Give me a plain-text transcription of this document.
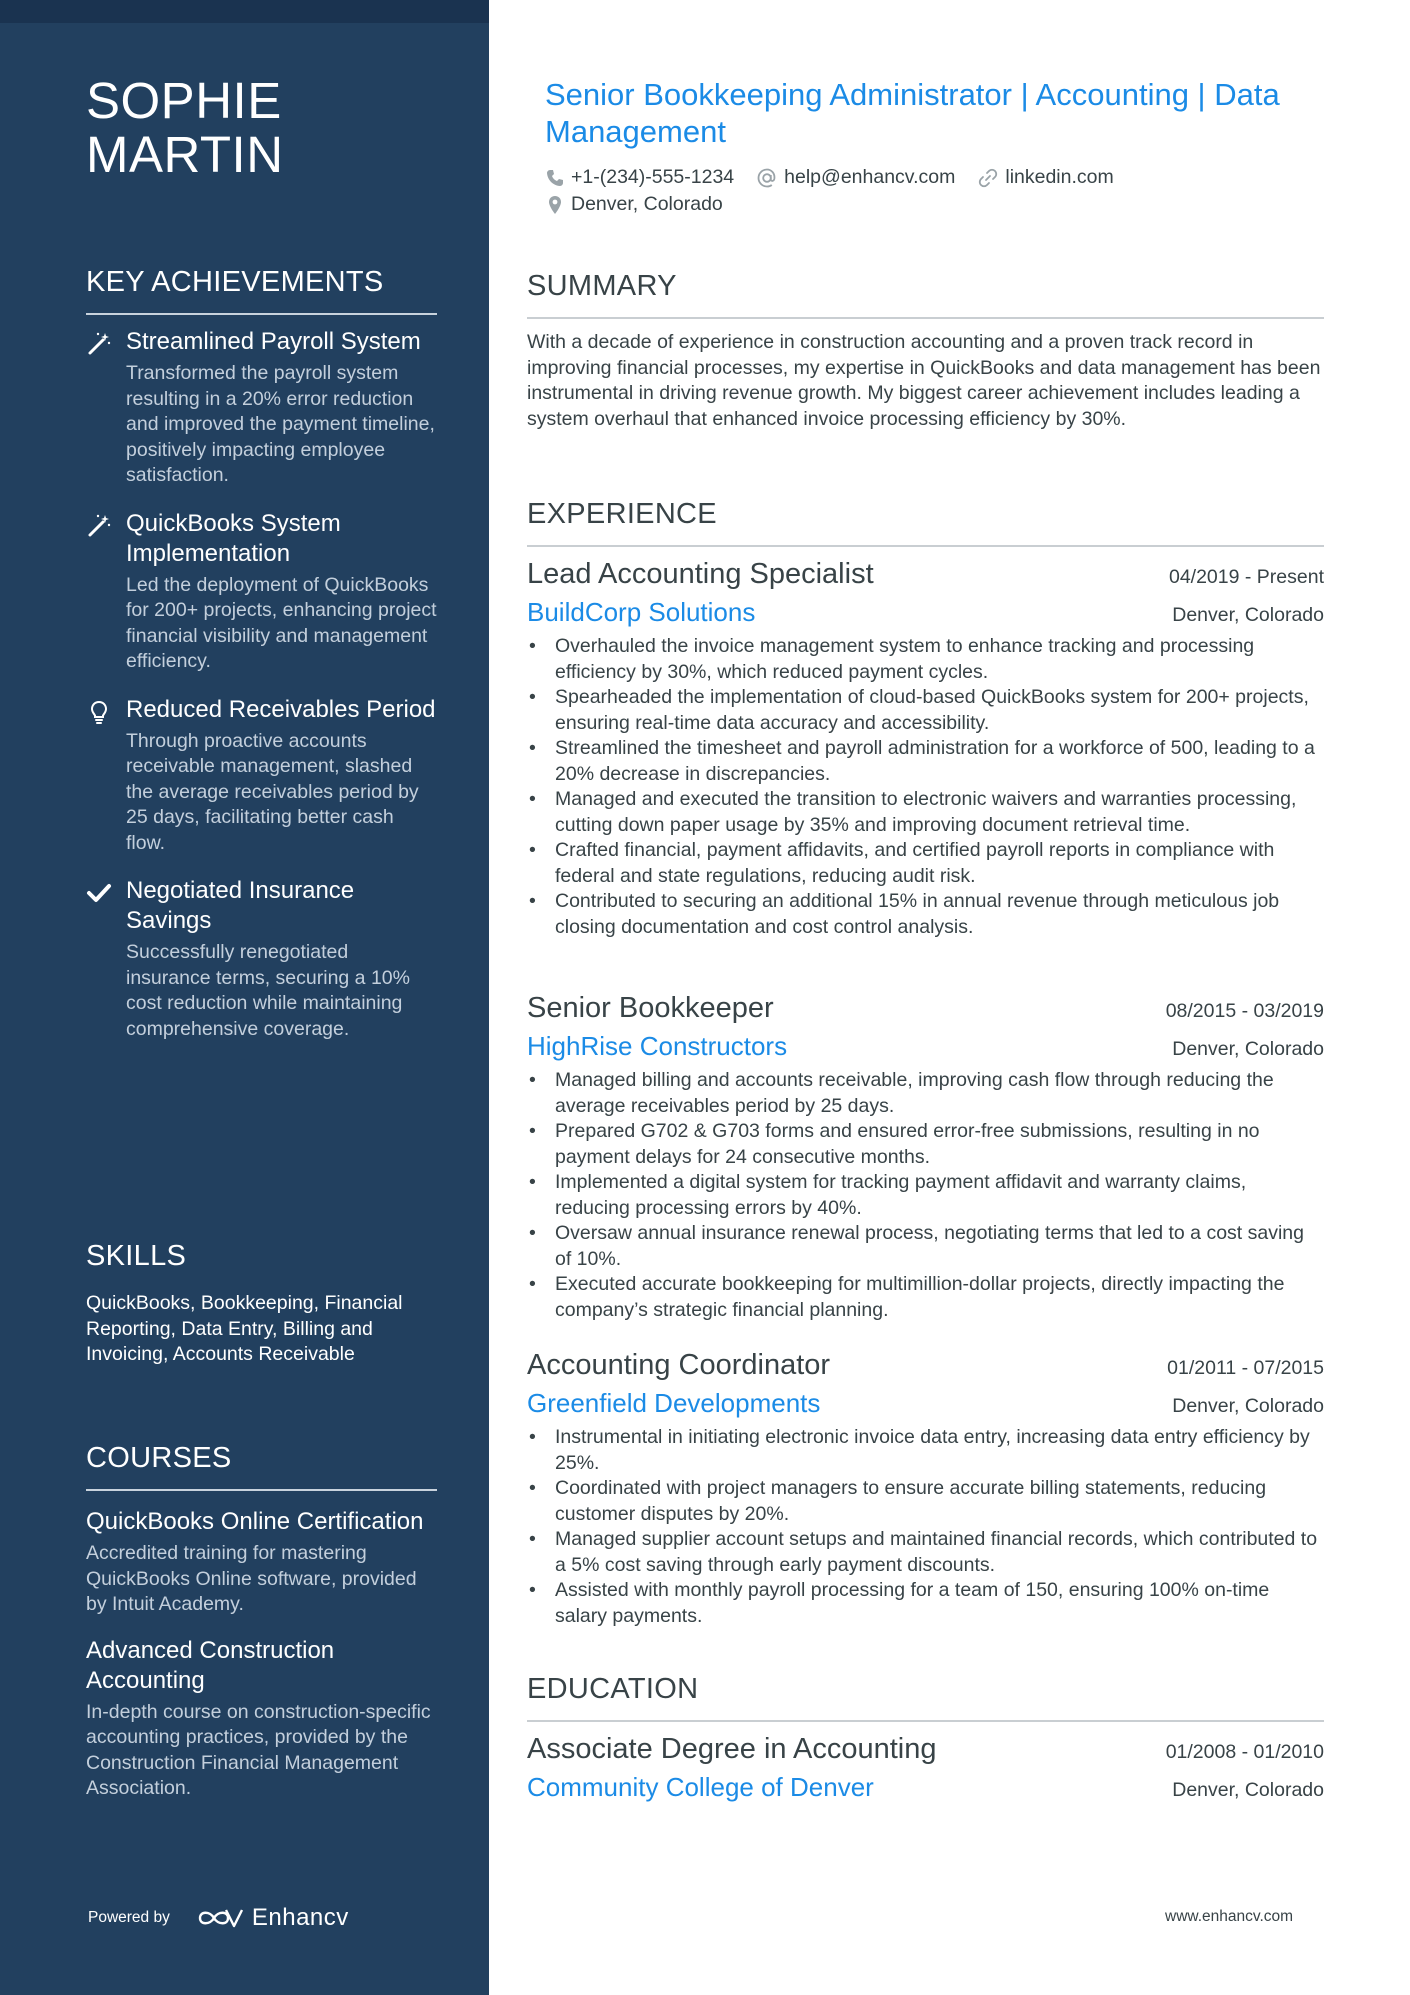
SOPHIE
MARTIN
KEY ACHIEVEMENTS
Streamlined Payroll System
Transformed the payroll system resulting in a 20% error reduction and improved the payment timeline, positively impacting employee satisfaction.
QuickBooks System Implementation
Led the deployment of QuickBooks for 200+ projects, enhancing project financial visibility and management efficiency.
Reduced Receivables Period
Through proactive accounts receivable management, slashed the average receivables period by 25 days, facilitating better cash flow.
Negotiated Insurance Savings
Successfully renegotiated insurance terms, securing a 10% cost reduction while maintaining comprehensive coverage.
SKILLS
QuickBooks, Bookkeeping, Financial Reporting, Data Entry, Billing and Invoicing, Accounts Receivable
COURSES
QuickBooks Online Certification
Accredited training for mastering QuickBooks Online software, provided by Intuit Academy.
Advanced Construction Accounting
In-depth course on construction-specific accounting practices, provided by the Construction Financial Management Association.
Powered by	Enhancv
Senior Bookkeeping Administrator | Accounting | Data Management
+1-(234)-555-1234	help@enhancv.com	linkedin.com
Denver, Colorado
SUMMARY
With a decade of experience in construction accounting and a proven track record in improving financial processes, my expertise in QuickBooks and data management has been instrumental in driving revenue growth. My biggest career achievement includes leading a system overhaul that enhanced invoice processing efficiency by 30%.
EXPERIENCE
Lead Accounting Specialist	04/2019 - Present
BuildCorp Solutions	Denver, Colorado
• Overhauled the invoice management system to enhance tracking and processing efficiency by 30%, which reduced payment cycles.
• Spearheaded the implementation of cloud-based QuickBooks system for 200+ projects, ensuring real-time data accuracy and accessibility.
• Streamlined the timesheet and payroll administration for a workforce of 500, leading to a 20% decrease in discrepancies.
• Managed and executed the transition to electronic waivers and warranties processing, cutting down paper usage by 35% and improving document retrieval time.
• Crafted financial, payment affidavits, and certified payroll reports in compliance with federal and state regulations, reducing audit risk.
• Contributed to securing an additional 15% in annual revenue through meticulous job closing documentation and cost control analysis.
Senior Bookkeeper	08/2015 - 03/2019
HighRise Constructors	Denver, Colorado
• Managed billing and accounts receivable, improving cash flow through reducing the average receivables period by 25 days.
• Prepared G702 & G703 forms and ensured error-free submissions, resulting in no payment delays for 24 consecutive months.
• Implemented a digital system for tracking payment affidavit and warranty claims, reducing processing errors by 40%.
• Oversaw annual insurance renewal process, negotiating terms that led to a cost saving of 10%.
• Executed accurate bookkeeping for multimillion-dollar projects, directly impacting the company’s strategic financial planning.
Accounting Coordinator	01/2011 - 07/2015
Greenfield Developments	Denver, Colorado
• Instrumental in initiating electronic invoice data entry, increasing data entry efficiency by 25%.
• Coordinated with project managers to ensure accurate billing statements, reducing customer disputes by 20%.
• Managed supplier account setups and maintained financial records, which contributed to a 5% cost saving through early payment discounts.
• Assisted with monthly payroll processing for a team of 150, ensuring 100% on-time salary payments.
EDUCATION
Associate Degree in Accounting	01/2008 - 01/2010
Community College of Denver	Denver, Colorado
www.enhancv.com
